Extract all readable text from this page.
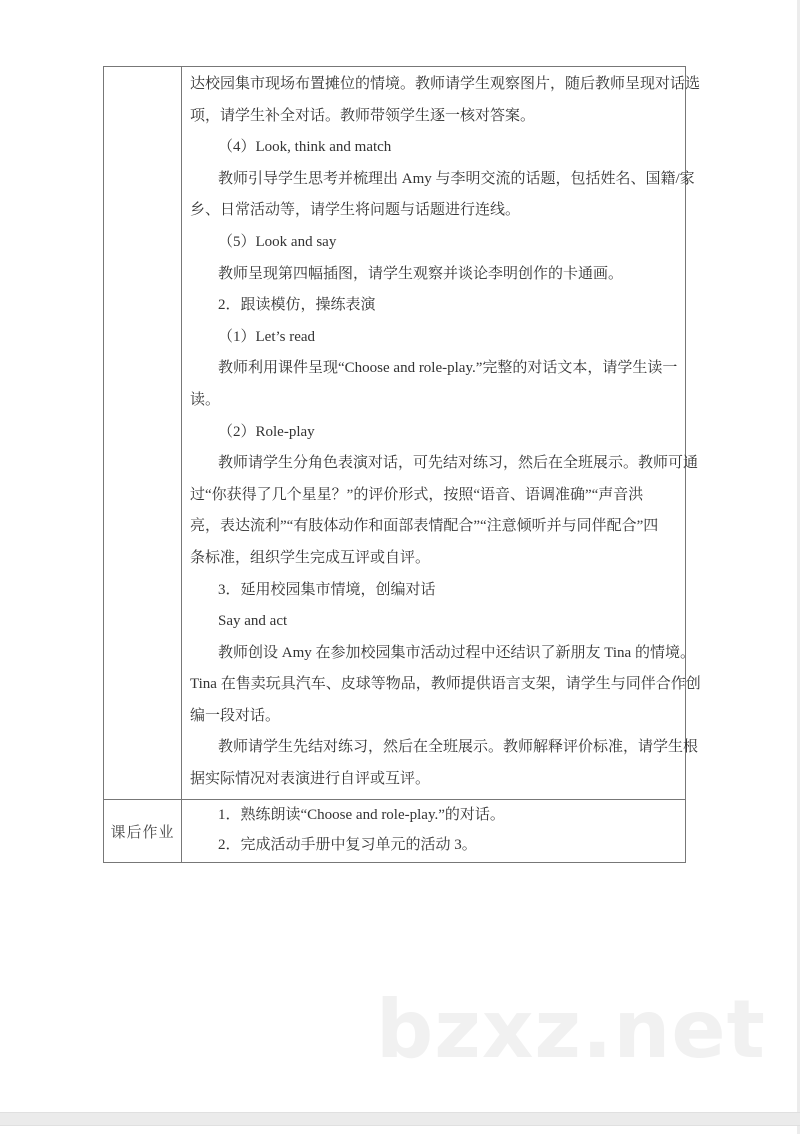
达校园集市现场布置摊位的情境。教师请学生观察图片，随后教师呈现对话选
项，请学生补全对话。教师带领学生逐一核对答案。
（4）Look, think and match
教师引导学生思考并梳理出 Amy 与李明交流的话题，包括姓名、国籍/家
乡、日常活动等，请学生将问题与话题进行连线。
（5）Look and say
教师呈现第四幅插图，请学生观察并谈论李明创作的卡通画。
2．跟读模仿，操练表演
（1）Let’s read
教师利用课件呈现“Choose and role-play.”完整的对话文本，请学生读一
读。
（2）Role-play
教师请学生分角色表演对话，可先结对练习，然后在全班展示。教师可通
过“你获得了几个星星？”的评价形式，按照“语音、语调准确”“声音洪
亮，表达流利”“有肢体动作和面部表情配合”“注意倾听并与同伴配合”四
条标准，组织学生完成互评或自评。
3．延用校园集市情境，创编对话
Say and act
教师创设 Amy 在参加校园集市活动过程中还结识了新朋友 Tina 的情境。
Tina 在售卖玩具汽车、皮球等物品，教师提供语言支架，请学生与同伴合作创
编一段对话。
教师请学生先结对练习，然后在全班展示。教师解释评价标准，请学生根
据实际情况对表演进行自评或互评。

课后作业	1．熟练朗读“Choose and role-play.”的对话。
2．完成活动手册中复习单元的活动 3。
bzxz.net
